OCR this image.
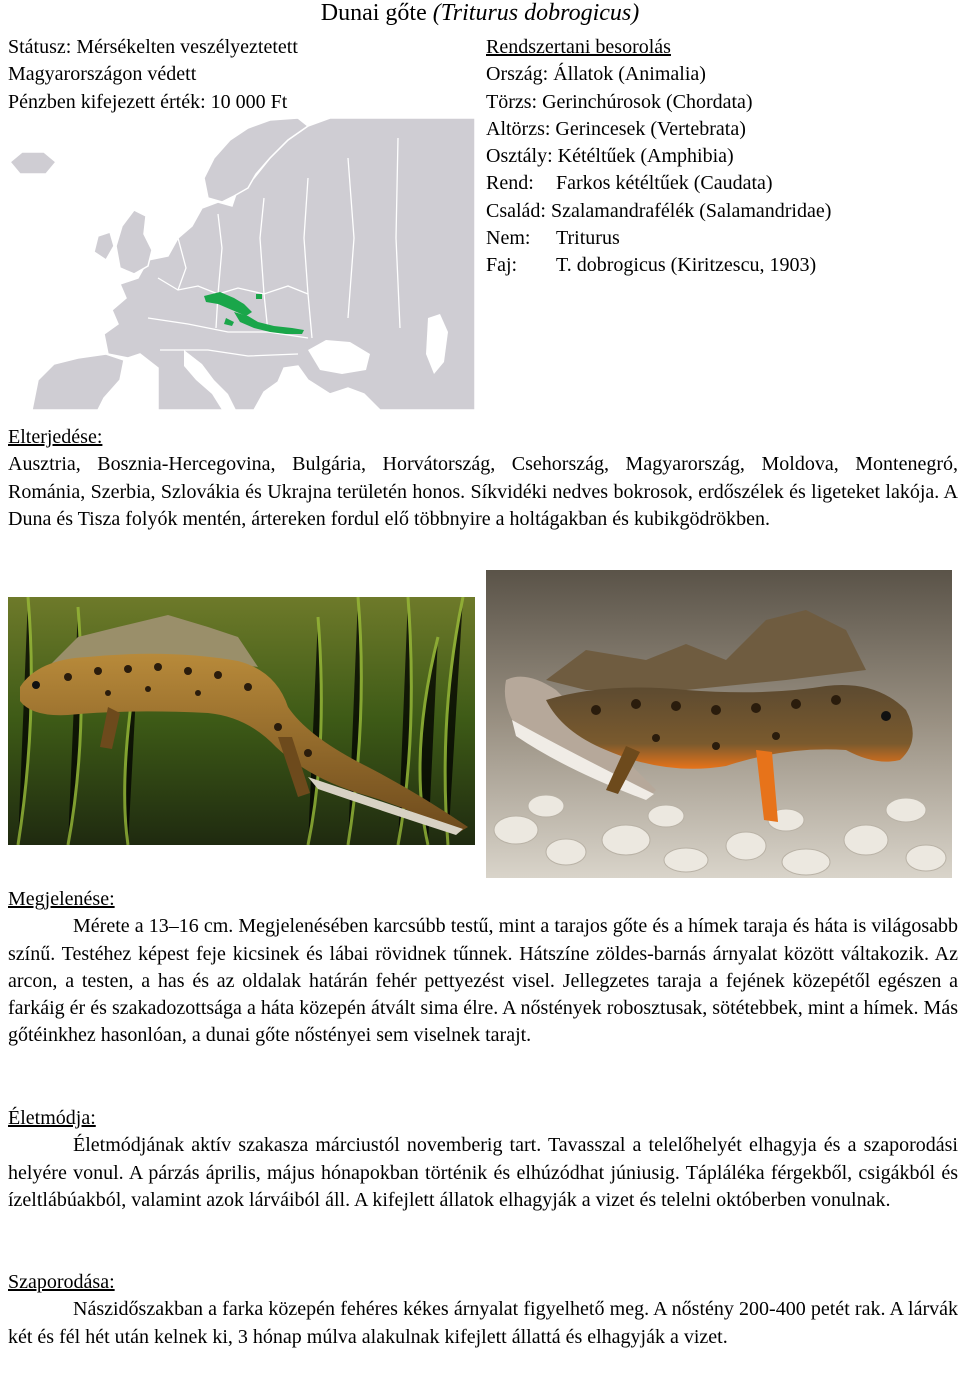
Dunai gőte (Triturus dobrogicus)
Státusz: Mérsékelten veszélyeztetett
Magyarországon védett
Pénzben kifejezett érték: 10 000 Ft
Rendszertani besorolás
Ország: Állatok (Animalia)
Törzs: Gerinchúrosok (Chordata)
Altörzs: Gerincesek (Vertebrata)
Osztály: Kétéltűek (Amphibia)
Rend: Farkos kétéltűek (Caudata)
Család: Szalamandrafélék (Salamandridae)
Nem: Triturus
Faj: T. dobrogicus (Kiritzescu, 1903)
Elterjedése:
Ausztria, Bosznia-Hercegovina, Bulgária, Horvátország, Csehország, Magyarország, Moldova, Montenegró, Románia, Szerbia, Szlovákia és Ukrajna területén honos. Síkvidéki nedves bokrosok, erdőszélek és ligeteket lakója. A Duna és Tisza folyók mentén, ártereken fordul elő többnyire a holtágakban és kubikgödrökben.
Megjelenése:
Mérete a 13–16 cm. Megjelenésében karcsúbb testű, mint a tarajos gőte és a hímek taraja és háta is világosabb színű. Testéhez képest feje kicsinek és lábai rövidnek tűnnek. Hátszíne zöldes-barnás árnyalat között váltakozik. Az arcon, a testen, a has és az oldalak határán fehér pettyezést visel. Jellegzetes taraja a fejének közepétől egészen a farkáig ér és szakadozottsága a háta közepén átvált sima élre. A nőstények robosztusak, sötétebbek, mint a hímek. Más gőtéinkhez hasonlóan, a dunai gőte nőstényei sem viselnek tarajt.
Életmódja:
Életmódjának aktív szakasza márciustól novemberig tart. Tavasszal a telelőhelyét elhagyja és a szaporodási helyére vonul. A párzás április, május hónapokban történik és elhúzódhat júniusig. Tápláléka férgekből, csigákból és ízeltlábúakból, valamint azok lárváiból áll. A kifejlett állatok elhagyják a vizet és telelni októberben vonulnak.
Szaporodása:
Nászidőszakban a farka közepén fehéres kékes árnyalat figyelhető meg. A nőstény 200-400 petét rak. A lárvák két és fél hét után kelnek ki, 3 hónap múlva alakulnak kifejlett állattá és elhagyják a vizet.
